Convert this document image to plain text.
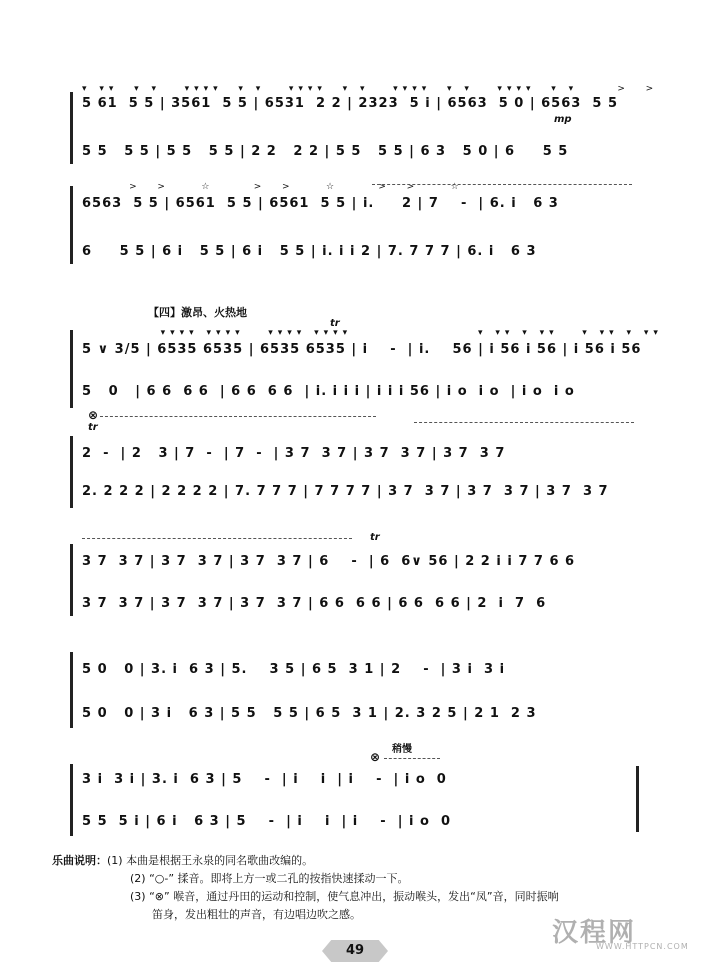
▾ ▾▾  ▾ ▾   ▾▾▾▾  ▾ ▾   ▾▾▾▾  ▾ ▾   ▾▾▾▾  ▾ ▾   ▾▾▾▾  ▾ ▾     >  >
5 61  5 5 | 3561  5 5 | 6531  2 2 | 2323  5 i | 6563  5 0 | 6563  5 5
mp
5 5   5 5 | 5 5   5 5 | 2 2   2 2 | 5 5   5 5 | 6 3   5 0 | 6     5 5
>  >    ☆     >  >    ☆     >  >    ☆
6563  5 5 | 6561  5 5 | 6561  5 5 | i.     2 | 7    -  | 6. i   6 3
6     5 5 | 6 i   5 5 | 6 i   5 5 | i. i i 2 | 7. 7 7 7 | 6. i   6 3
【四】激昂、火热地
tr
▾▾▾▾ ▾▾▾▾   ▾▾▾▾ ▾▾▾▾                ▾ ▾▾ ▾ ▾▾   ▾ ▾▾ ▾ ▾▾
5 ∨ 3/5 | 6535 6535 | 6535 6535 | i    -  | i.    56 | i 56 i 56 | i 56 i 56
5   0   | 6 6  6 6  | 6 6  6 6  | i. i i i | i i i 56 | i o  i o  | i o  i o
⊗
tr
2  -  | 2   3 | 7  -  | 7  -  | 3 7  3 7 | 3 7  3 7 | 3 7  3 7
2. 2 2 2 | 2 2 2 2 | 7. 7 7 7 | 7 7 7 7 | 3 7  3 7 | 3 7  3 7 | 3 7  3 7
tr
3 7  3 7 | 3 7  3 7 | 3 7  3 7 | 6    -  | 6  6∨ 56 | 2 2 i i 7 7 6 6
3 7  3 7 | 3 7  3 7 | 3 7  3 7 | 6 6  6 6 | 6 6  6 6 | 2  i  7  6
5 0   0 | 3. i  6 3 | 5.    3 5 | 6 5  3 1 | 2    -  | 3 i  3 i
5 0   0 | 3 i   6 3 | 5 5   5 5 | 6 5  3 1 | 2. 3 2 5 | 2 1  2 3
⊗
稍慢
3 i  3 i | 3. i  6 3 | 5    -  | i    i  | i    -  | i o  0
5 5  5 i | 6 i   6 3 | 5    -  | i    i  | i    -  | i o  0
乐曲说明：(1) 本曲是根据王永泉的同名歌曲改编的。
(2) “○-” 揉音。即将上方一或二孔的按指快速揉动一下。
(3) “⊗” 喉音，通过丹田的运动和控制，使气息冲出，振动喉头，发出“凤”音，同时振响
笛身，发出粗壮的声音，有边唱边吹之感。
49
汉程网
WWW.HTTPCN.COM
